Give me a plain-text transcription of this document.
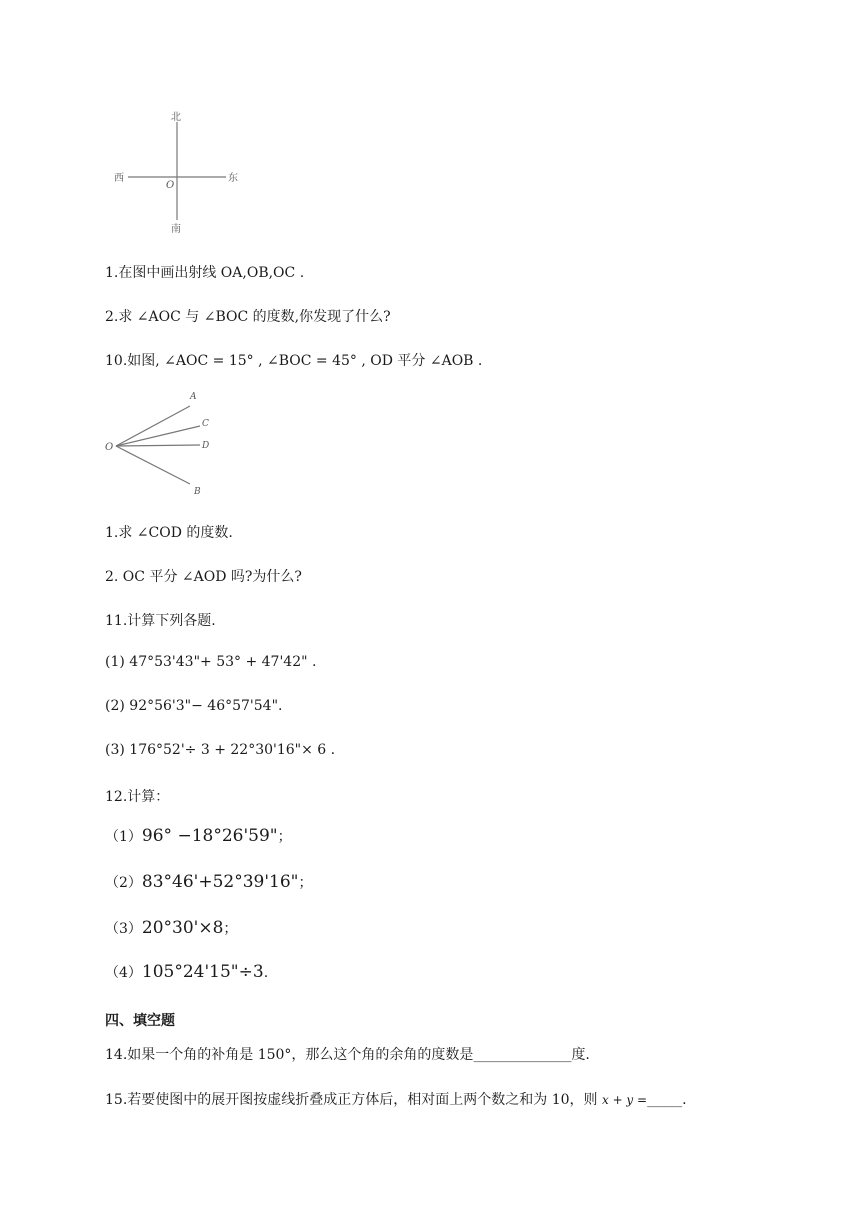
北
南
西	东
O
1.在图中画出射线 OA,OB,OC .
2.求 ∠AOC 与 ∠BOC 的度数,你发现了什么?
10.如图, ∠AOC = 15° , ∠BOC = 45° , OD 平分 ∠AOB .
O
A
C
D
B
1.求 ∠COD 的度数.
2. OC 平分 ∠AOD 吗?为什么?
11.计算下列各题.
(1) 47°53'43"+ 53° + 47'42" .
(2) 92°56'3"− 46°57'54".
(3) 176°52'÷ 3 + 22°30'16"× 6 .
12.计算：
（1）96° −18°26'59"；
（2）83°46'+52°39'16"；
（3）20°30'×8；
（4）105°24'15"÷3.
四、填空题
14.如果一个角的补角是 150°，那么这个角的余角的度数是______________度.
15.若要使图中的展开图按虚线折叠成正方体后，相对面上两个数之和为 10，则 x + y =_____.
